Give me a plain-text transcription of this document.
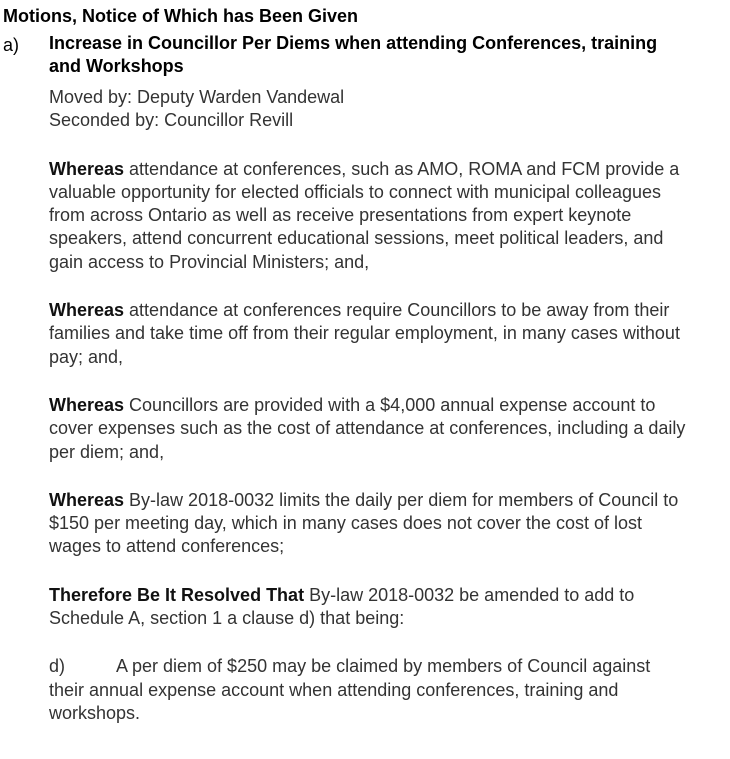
Motions, Notice of Which has Been Given
a) Increase in Councillor Per Diems when attending Conferences, training and Workshops

Moved by: Deputy Warden Vandewal

Seconded by: Councillor Revill

Whereas attendance at conferences, such as AMO, ROMA and FCM provide a valuable opportunity for elected officials to connect with municipal colleagues from across Ontario as well as receive presentations from expert keynote speakers, attend concurrent educational sessions, meet political leaders, and gain access to Provincial Ministers; and,

Whereas attendance at conferences require Councillors to be away from their families and take time off from their regular employment, in many cases without pay; and,

Whereas Councillors are provided with a $4,000 annual expense account to cover expenses such as the cost of attendance at conferences, including a daily per diem; and,

Whereas By-law 2018-0032 limits the daily per diem for members of Council to $150 per meeting day, which in many cases does not cover the cost of lost wages to attend conferences;

Therefore Be It Resolved That By-law 2018-0032 be amended to add to Schedule A, section 1 a clause d) that being:

d)	A per diem of $250 may be claimed by members of Council against their annual expense account when attending conferences, training and workshops.
